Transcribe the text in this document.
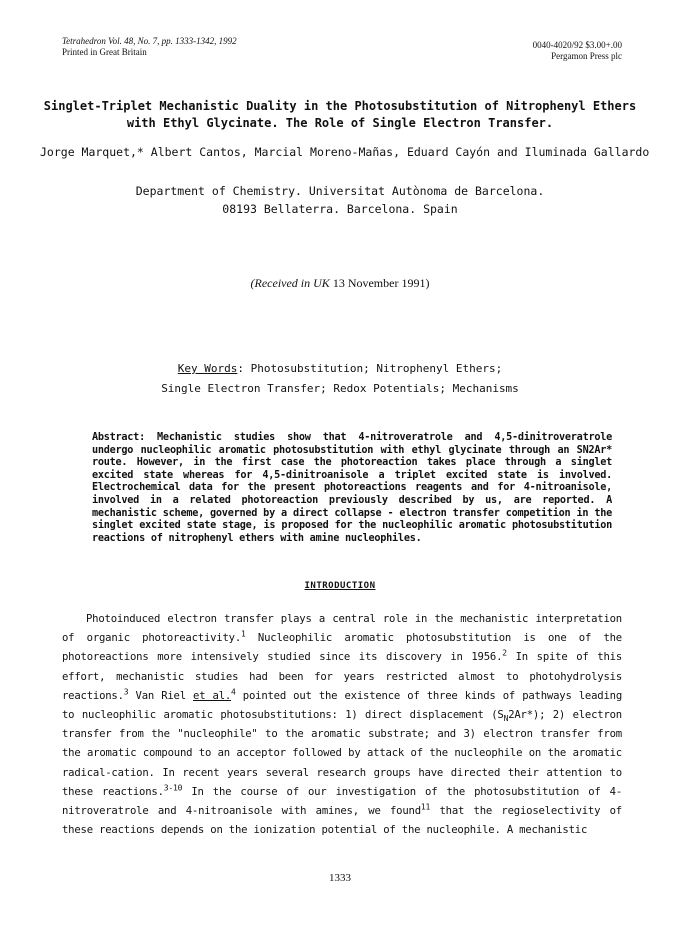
Tetrahedron Vol. 48, No. 7, pp. 1333-1342, 1992
Printed in Great Britain
0040-4020/92 $3.00+.00
Pergamon Press plc
Singlet-Triplet Mechanistic Duality in the Photosubstitution of Nitrophenyl Ethers
with Ethyl Glycinate. The Role of Single Electron Transfer.
Jorge Marquet,* Albert Cantos, Marcial Moreno-Mañas, Eduard Cayón and Iluminada Gallardo
Department of Chemistry. Universitat Autònoma de Barcelona.
08193 Bellaterra. Barcelona. Spain
(Received in UK 13 November 1991)
Key Words: Photosubstitution; Nitrophenyl Ethers;
Single Electron Transfer; Redox Potentials; Mechanisms
Abstract: Mechanistic studies show that 4-nitroveratrole and 4,5-dinitroveratrole undergo nucleophilic aromatic photosubstitution with ethyl glycinate through an SN2Ar* route. However, in the first case the photoreaction takes place through a singlet excited state whereas for 4,5-dinitroanisole a triplet excited state is involved. Electrochemical data for the present photoreactions reagents and for 4-nitroanisole, involved in a related photoreaction previously described by us, are reported. A mechanistic scheme, governed by a direct collapse - electron transfer competition in the singlet excited state stage, is proposed for the nucleophilic aromatic photosubstitution reactions of nitrophenyl ethers with amine nucleophiles.
INTRODUCTION

Photoinduced electron transfer plays a central role in the mechanistic interpretation of organic photoreactivity.$^1$ Nucleophilic aromatic photosubstitution is one of the photoreactions more intensively studied since its discovery in 1956.$^2$ In spite of this effort, mechanistic studies had been for years restricted almost to photohydrolysis reactions.$^3$ Van Riel et al.$^4$ pointed out the existence of three kinds of pathways leading to nucleophilic aromatic photosubstitutions: 1) direct displacement $(S_N2Ar*)$; 2) electron transfer from the "nucleophile" to the aromatic substrate; and 3) electron transfer from the aromatic compound to an acceptor followed by attack of the nucleophile on the aromatic radical-cation. In recent years several research groups have directed their attention to these reactions.$^{3-10}$ In the course of our investigation of the photosubstitution of 4-nitroveratrole and 4-nitroanisole with amines, we found$^{11}$ that the regioselectivity of these reactions depends on the ionization potential of the nucleophile. A mechanistic

1333
